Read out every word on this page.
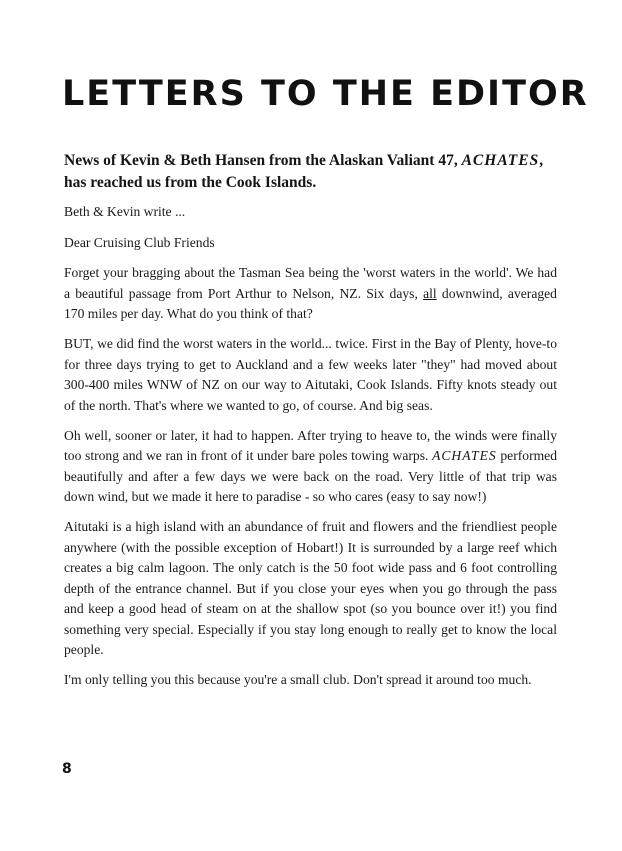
LETTERS TO THE EDITOR
News of Kevin & Beth Hansen from the Alaskan Valiant 47, ACHATES, has reached us from the Cook Islands.

Beth & Kevin write ...

Dear Cruising Club Friends

Forget your bragging about the Tasman Sea being the 'worst waters in the world'. We had a beautiful passage from Port Arthur to Nelson, NZ. Six days, all downwind, averaged 170 miles per day. What do you think of that?

BUT, we did find the worst waters in the world... twice. First in the Bay of Plenty, hove-to for three days trying to get to Auckland and a few weeks later "they" had moved about 300-400 miles WNW of NZ on our way to Aitutaki, Cook Islands. Fifty knots steady out of the north. That's where we wanted to go, of course. And big seas.

Oh well, sooner or later, it had to happen. After trying to heave to, the winds were finally too strong and we ran in front of it under bare poles towing warps. ACHATES performed beautifully and after a few days we were back on the road. Very little of that trip was down wind, but we made it here to paradise - so who cares (easy to say now!)

Aitutaki is a high island with an abundance of fruit and flowers and the friendliest people anywhere (with the possible exception of Hobart!) It is surrounded by a large reef which creates a big calm lagoon. The only catch is the 50 foot wide pass and 6 foot controlling depth of the entrance channel. But if you close your eyes when you go through the pass and keep a good head of steam on at the shallow spot (so you bounce over it!) you find something very special. Especially if you stay long enough to really get to know the local people.

I'm only telling you this because you're a small club. Don't spread it around too much.

8
